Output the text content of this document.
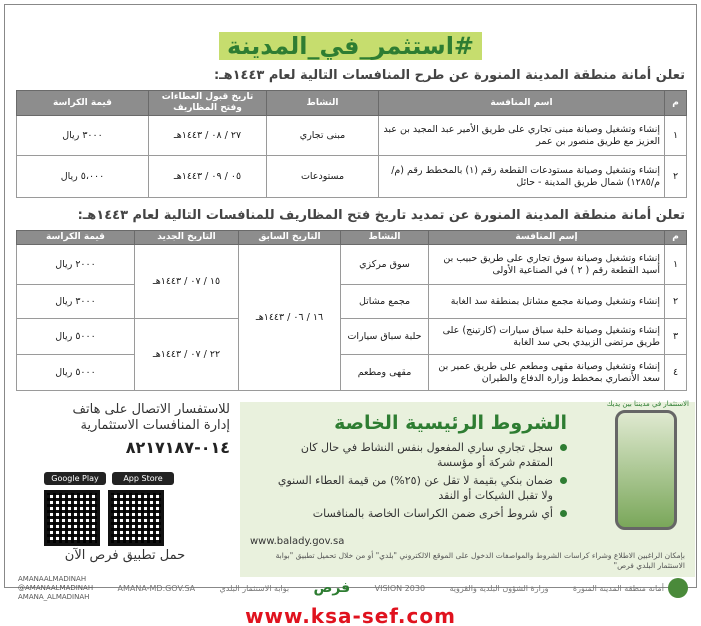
#استثمر_في_المدينة
تعلن أمانة منطقة المدينة المنورة عن طرح المنافسات التالية لعام ١٤٤٣هـ:
م	اسم المنافسة	النشاط	تاريخ قبول العطاءات وفتح المظاريف	قيمة الكراسة
١	إنشاء وتشغيل وصيانة مبنى تجاري على طريق الأمير عبد المجيد بن عبد العزيز مع طريق منصور بن عمر	مبنى تجاري	٢٧ / ٠٨ / ١٤٤٣هـ	٣٠٠٠ ريال
٢	إنشاء وتشغيل وصيانة مستودعات القطعة رقم (١) بالمخطط رقم (م/م/١٢٨٥) شمال طريق المدينة - حائل	مستودعات	٠٥ / ٠٩ / ١٤٤٣هـ	٥،٠٠٠ ريال
تعلن أمانة منطقة المدينة المنورة عن تمديد تاريخ فتح المظاريف للمنافسات التالية لعام ١٤٤٣هـ:
م	إسم المنافسة	النشاط	التاريخ السابق	التاريخ الجديد	قيمة الكراسة
١	إنشاء وتشغيل وصيانة سوق تجاري على طريق حبيب بن أسيد القطعة رقم ( ٢ ) في الصناعية الأولى	سوق مركزي	١٦ / ٠٦ / ١٤٤٣هـ	١٥ / ٠٧ / ١٤٤٣هـ	٢٠٠٠ ريال
٢	إنشاء وتشغيل وصيانة مجمع مشاتل بمنطقة سد الغابة	مجمع مشاتل			٣٠٠٠ ريال
٣	إنشاء وتشغيل وصيانة حلبة سباق سيارات (كارتينج) على طريق مرتضى الزبيدي بحي سد الغابة	حلبة سباق سيارات		٢٢ / ٠٧ / ١٤٤٣هـ	٥٠٠٠ ريال
٤	إنشاء وتشغيل وصيانة مقهى ومطعم على طريق عمير بن سعد الأنصاري بمخطط وزارة الدفاع والطيران	مقهى ومطعم			٥٠٠٠ ريال
للاستفسار الاتصال على هاتف
إدارة المنافسات الاستثمارية
٠١٤-٨٢١٧١٨٧
Google Play	App Store
حمل تطبيق فرص الآن
الاستثمار في مدينتا بين يديك
الشروط الرئيسية الخاصة
سجل تجاري ساري المفعول بنفس النشاط في حال كان المتقدم شركة أو مؤسسة
ضمان بنكي بقيمة لا تقل عن (٢٥%) من قيمة العطاء السنوي ولا تقبل الشيكات أو النقد
أي شروط أخرى ضمن الكراسات الخاصة بالمنافسات
www.balady.gov.sa
بإمكان الراغبين الاطلاع وشراء كراسات الشروط والمواصفات الدخول على الموقع الالكتروني "بلدي" أو من خلال تحميل تطبيق "بوابة الاستثمار البلدي فرص"
AMANAALMADINAH
@AMANAALMADINAH
AMANA_ALMADINAH
AMANA-MD.GOV.SA	بوابة الاستثمار البلدي فرص	VISION 2030	وزارة الشؤون البلدية والقروية	أمانة منطقة المدينة المنورة
www.ksa-sef.com
